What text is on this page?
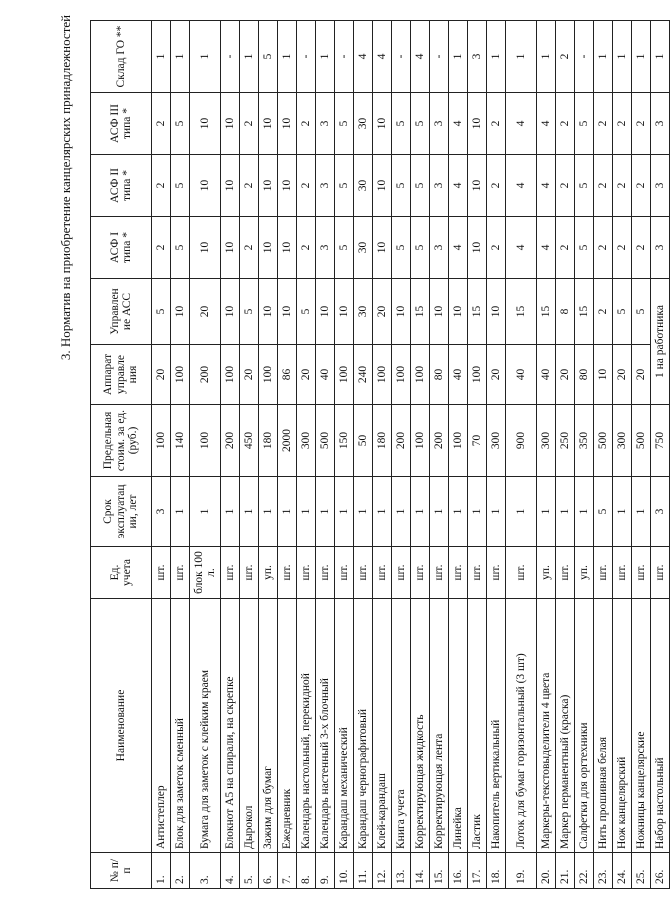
№ п/п	Наименование	Ед. учета	Срок эксплуатац ии, лет	Предельная стоим. за ед. (руб.)	Аппарат управле ния	Управлен ие АСС	АСФ I типа *	АСФ II типа *	АСФ III типа *	Склад ГО **
1.	Антистеплер	шт.	3	100	20	5	2	2	2	1
2.	Блок для заметок сменный	шт.	1	140	100	10	5	5	5	1
3.	Бумага для заметок с клейким краем	блок 100 л.	1	100	200	20	10	10	10	1
4.	Блокнот А5 на спирали, на скрепке	шт.	1	200	100	10	10	10	10	-
5.	Дырокол	шт.	1	450	20	5	2	2	2	1
6.	Зажим для бумаг	уп.	1	180	100	10	10	10	10	5
7.	Ежедневник	шт.	1	2000	86	10	10	10	10	1
8.	Календарь настольный, перекидной	шт.	1	300	20	5	2	2	2	-
9.	Календарь настенный 3-х блочный	шт.	1	500	40	10	3	3	3	1
10.	Карандаш механический	шт.	1	150	100	10	5	5	5	-
11.	Карандаш чернографитовый	шт.	1	50	240	30	30	30	30	4
12.	Клей-карандаш	шт.	1	180	100	20	10	10	10	4
13.	Книга учета	шт.	1	200	100	10	5	5	5	-
14.	Корректирующая жидкость	шт.	1	100	100	15	5	5	5	4
15.	Корректирующая лента	шт.	1	200	80	10	3	3	3	-
16.	Линейка	шт.	1	100	40	10	4	4	4	1
17.	Ластик	шт.	1	70	100	15	10	10	10	3
18.	Накопитель вертикальный	шт.	1	300	20	10	2	2	2	1
19.	Лоток для бумаг горизонтальный (3 шт)	шт.	1	900	40	15	4	4	4	1
20.	Маркеры-текстовыделители 4 цвета	уп.	1	300	40	15	4	4	4	1
21.	Маркер перманентный (краска)	шт.	1	250	20	8	2	2	2	2
22.	Салфетки для оргтехники	уп.	1	350	80	15	5	5	5	-
23.	Нить прошивная белая	шт.	5	500	10	2	2	2	2	1
24.	Нож канцелярский	шт.	1	300	20	5	2	2	2	1
25.	Ножницы канцелярские	шт.	1	500	20	5	2	2	2	1
26.	Набор настольный	шт.	3	750	1 на работника		3	3	3	1
3. Норматив на приобретение канцелярских принадлежностей
